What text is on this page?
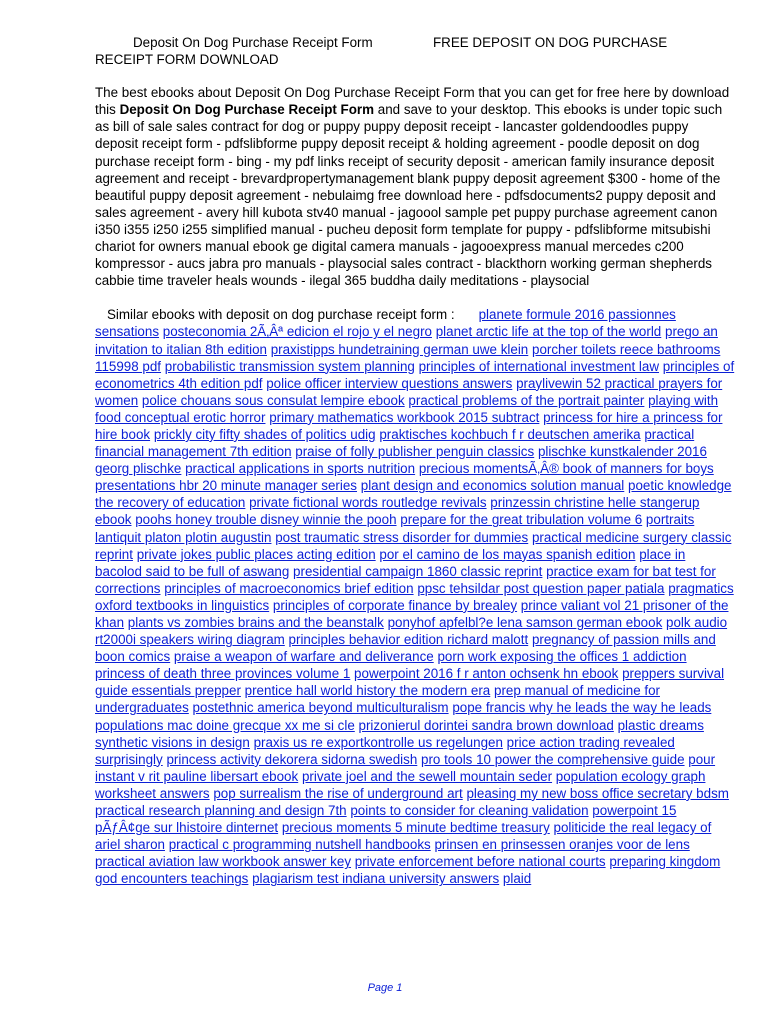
Deposit On Dog Purchase Receipt Form	FREE DEPOSIT ON DOG PURCHASE
RECEIPT FORM DOWNLOAD
The best ebooks about Deposit On Dog Purchase Receipt Form that you can get for free here by download this Deposit On Dog Purchase Receipt Form and save to your desktop. This ebooks is under topic such as bill of sale sales contract for dog or puppy puppy deposit receipt - lancaster goldendoodles puppy deposit receipt form - pdfslibforme puppy deposit receipt & holding agreement - poodle deposit on dog purchase receipt form - bing - my pdf links receipt of security deposit - american family insurance deposit agreement and receipt - brevardpropertymanagement blank puppy deposit agreement $300 - home of the beautiful puppy deposit agreement - nebulaimg free download here - pdfsdocuments2 puppy deposit and sales agreement - avery hill kubota stv40 manual - jagoool sample pet puppy purchase agreement canon i350 i355 i250 i255 simplified manual - pucheu deposit form template for puppy - pdfslibforme mitsubishi chariot for owners manual ebook ge digital camera manuals - jagooexpress manual mercedes c200 kompressor - aucs jabra pro manuals - playsocial sales contract - blackthorn working german shepherds cabbie time traveler heals wounds - ilegal 365 buddha daily meditations - playsocial
Similar ebooks with deposit on dog purchase receipt form : planete formule 2016 passionnes sensations posteconomia 2Ã‚Âª edicion el rojo y el negro planet arctic life at the top of the world prego an invitation to italian 8th edition praxistipps hundetraining german uwe klein porcher toilets reece bathrooms 115998 pdf probabilistic transmission system planning principles of international investment law principles of econometrics 4th edition pdf police officer interview questions answers praylivewin 52 practical prayers for women police chouans sous consulat lempire ebook practical problems of the portrait painter playing with food conceptual erotic horror primary mathematics workbook 2015 subtract princess for hire a princess for hire book prickly city fifty shades of politics udig praktisches kochbuch f r deutschen amerika practical financial management 7th edition praise of folly publisher penguin classics plischke kunstkalender 2016 georg plischke practical applications in sports nutrition precious momentsÃ‚Â® book of manners for boys presentations hbr 20 minute manager series plant design and economics solution manual poetic knowledge the recovery of education private fictional words routledge revivals prinzessin christine helle stangerup ebook poohs honey trouble disney winnie the pooh prepare for the great tribulation volume 6 portraits lantiquit platon plotin augustin post traumatic stress disorder for dummies practical medicine surgery classic reprint private jokes public places acting edition por el camino de los mayas spanish edition place in bacolod said to be full of aswang presidential campaign 1860 classic reprint practice exam for bat test for corrections principles of macroeconomics brief edition ppsc tehsildar post question paper patiala pragmatics oxford textbooks in linguistics principles of corporate finance by brealey prince valiant vol 21 prisoner of the khan plants vs zombies brains and the beanstalk ponyhof apfelbl?e lena samson german ebook polk audio rt2000i speakers wiring diagram principles behavior edition richard malott pregnancy of passion mills and boon comics praise a weapon of warfare and deliverance porn work exposing the offices 1 addiction princess of death three provinces volume 1 powerpoint 2016 f r anton ochsenk hn ebook preppers survival guide essentials prepper prentice hall world history the modern era prep manual of medicine for undergraduates postethnic america beyond multiculturalism pope francis why he leads the way he leads populations mac doine grecque xx me si cle prizonierul dorintei sandra brown download plastic dreams synthetic visions in design praxis us re exportkontrolle us regelungen price action trading revealed surprisingly princess activity dekorera sidorna swedish pro tools 10 power the comprehensive guide pour instant v rit pauline libersart ebook private joel and the sewell mountain seder population ecology graph worksheet answers pop surrealism the rise of underground art pleasing my new boss office secretary bdsm practical research planning and design 7th points to consider for cleaning validation powerpoint 15 pÃƒÂ¢ge sur lhistoire dinternet precious moments 5 minute bedtime treasury politicide the real legacy of ariel sharon practical c programming nutshell handbooks prinsen en prinsessen oranjes voor de lens practical aviation law workbook answer key private enforcement before national courts preparing kingdom god encounters teachings plagiarism test indiana university answers plaid
Page 1
